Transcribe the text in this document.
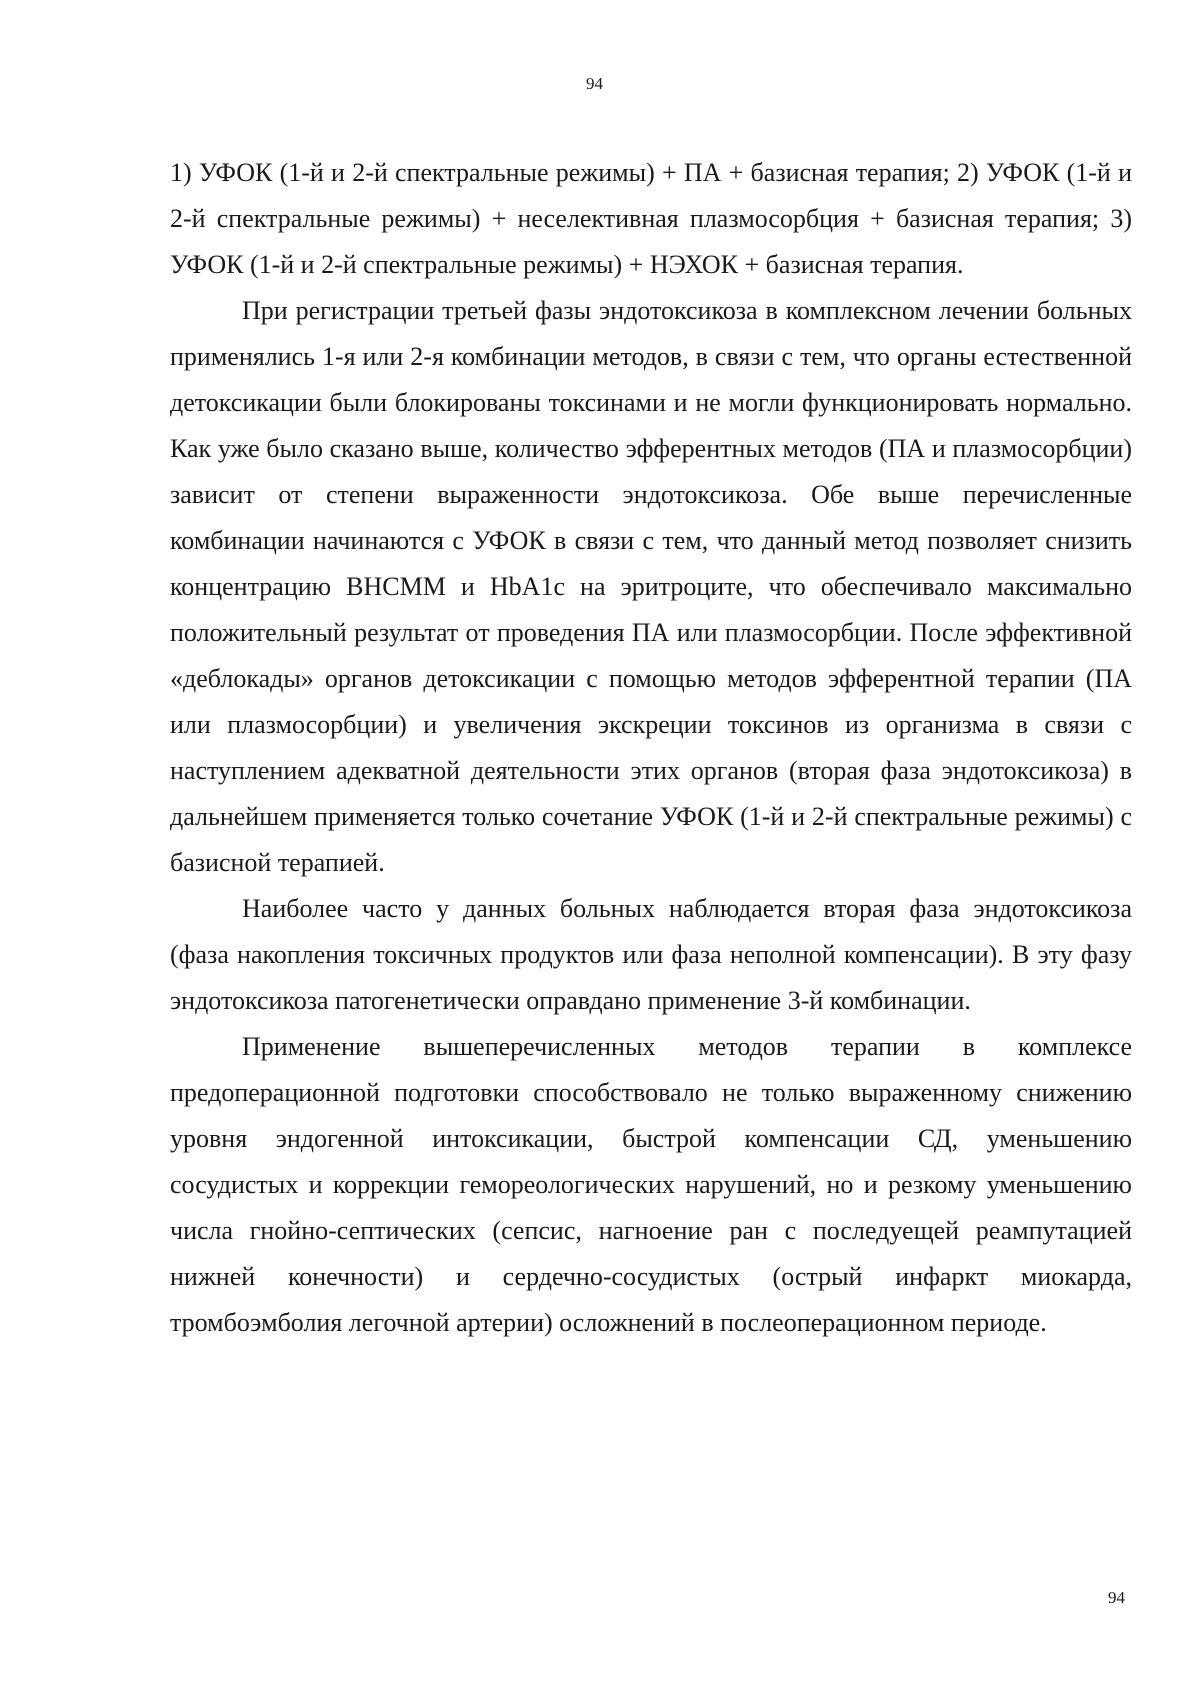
94

1) УФОК (1-й и 2-й спектральные режимы) + ПА + базисная терапия; 2) УФОК (1-й и 2-й спектральные режимы) + неселективная плазмосорбция + базисная терапия; 3) УФОК (1-й и 2-й спектральные режимы) + НЭХОК + базисная терапия.

При регистрации третьей фазы эндотоксикоза в комплексном лечении больных применялись 1-я или 2-я комбинации методов, в связи с тем, что органы естественной детоксикации были блокированы токсинами и не могли функционировать нормально. Как уже было сказано выше, количество эфферентных методов (ПА и плазмосорбции) зависит от степени выраженности эндотоксикоза. Обе выше перечисленные комбинации начинаются с УФОК в связи с тем, что данный метод позволяет снизить концентрацию ВНСММ и HbA1c на эритроците, что обеспечивало максимально положительный результат от проведения ПА или плазмосорбции. После эффективной «деблокады» органов детоксикации с помощью методов эфферентной терапии (ПА или плазмосорбции) и увеличения экскреции токсинов из организма в связи с наступлением адекватной деятельности этих органов (вторая фаза эндотоксикоза) в дальнейшем применяется только сочетание УФОК (1-й и 2-й спектральные режимы) с базисной терапией.

Наиболее часто у данных больных наблюдается вторая фаза эндотоксикоза (фаза накопления токсичных продуктов или фаза неполной компенсации). В эту фазу эндотоксикоза патогенетически оправдано применение 3-й комбинации.

Применение вышеперечисленных методов терапии в комплексе предоперационной подготовки способствовало не только выраженному снижению уровня эндогенной интоксикации, быстрой компенсации СД, уменьшению сосудистых и коррекции гемореологических нарушений, но и резкому уменьшению числа гнойно-септических (сепсис, нагноение ран с последуещей реампутацией нижней конечности) и сердечно-сосудистых (острый инфаркт миокарда, тромбоэмболия легочной артерии) осложнений в послеоперационном периоде.

94
